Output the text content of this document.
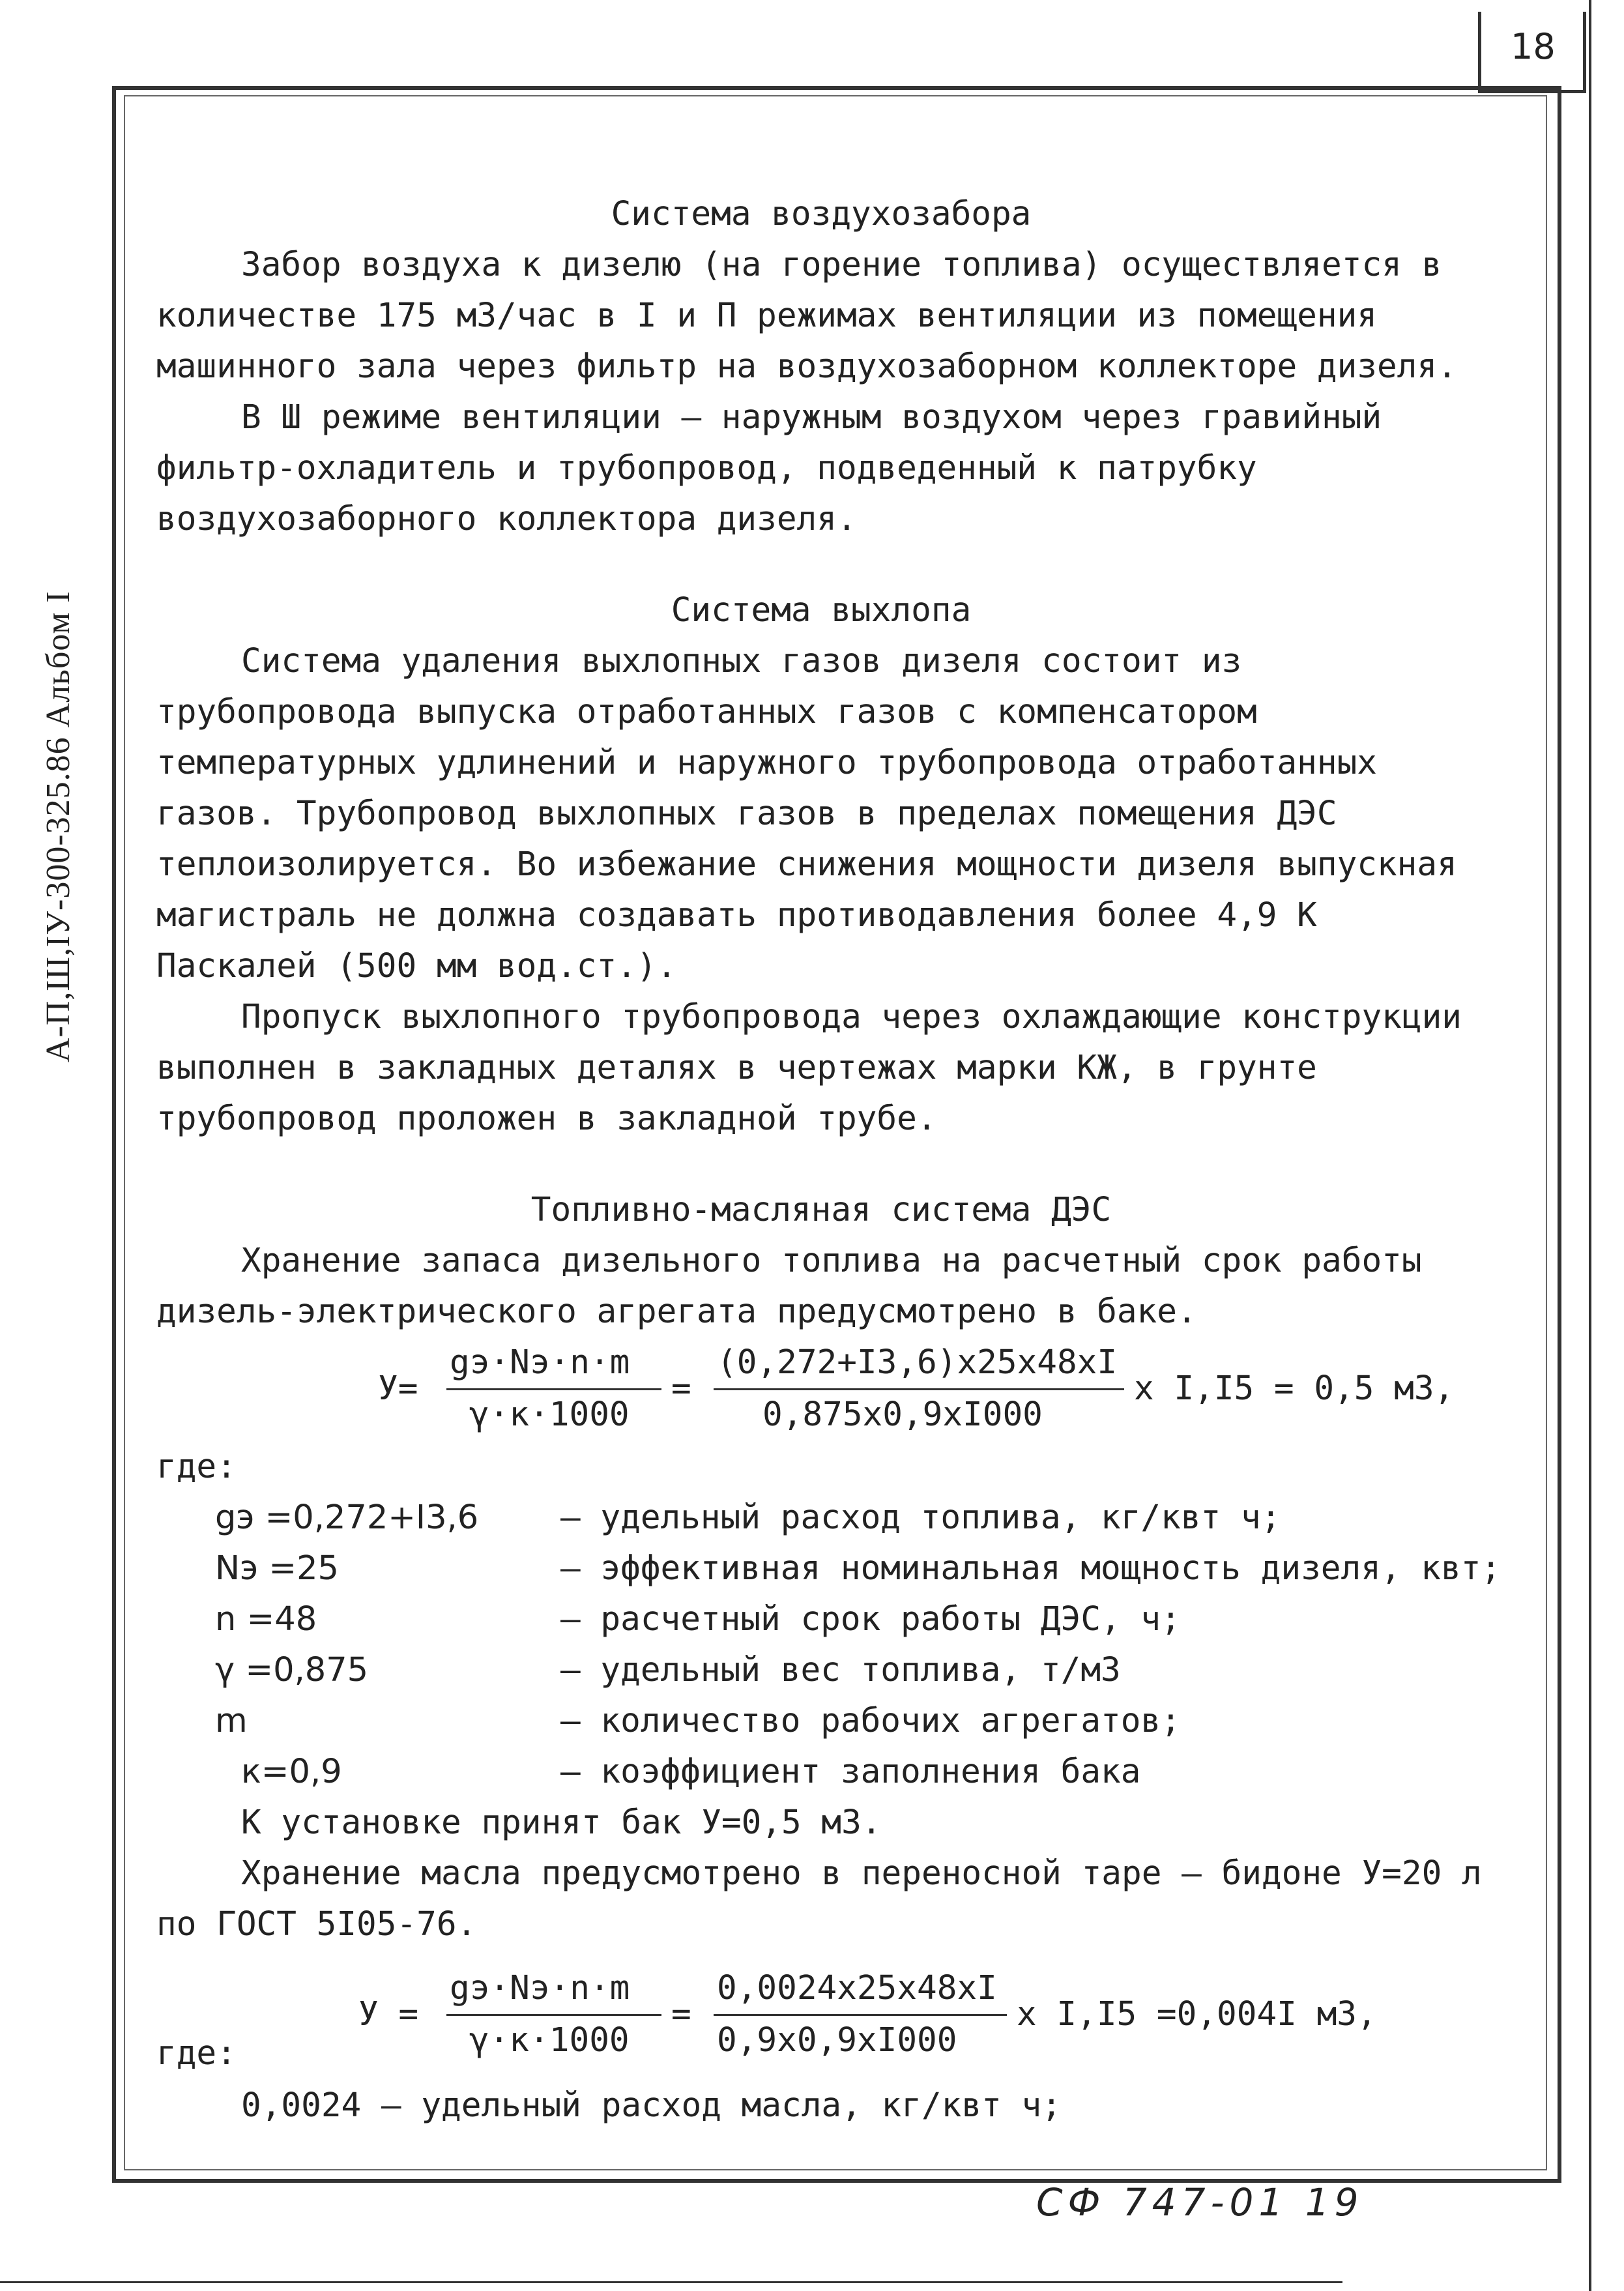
18
А-П,Ш,ІУ-300-325.86 Альбом I
Система воздухозабора

Забор воздуха к дизелю (на горение топлива) осуществляется в количестве 175 м3/час в I и П режимах вентиляции из помещения машинного зала через фильтр на воздухозаборном коллекторе дизеля.

В Ш режиме вентиляции – наружным воздухом через гравийный фильтр-охладитель и трубопровод, подведенный к патрубку воздухозаборного коллектора дизеля.

Система выхлопа

Система удаления выхлопных газов дизеля состоит из трубопровода выпуска отработанных газов с компенсатором температурных удлинений и наружного трубопровода отработанных газов. Трубопровод выхлопных газов в пределах помещения ДЭС теплоизолируется. Во избежание снижения мощности дизеля выпускная магистраль не должна создавать противодавления более 4,9 К Паскалей (500 мм вод.ст.).

Пропуск выхлопного трубопровода через охлаждающие конструкции выполнен в закладных деталях в чертежах марки КЖ, в грунте трубопровод проложен в закладной трубе.

Топливно-масляная система ДЭС

Хранение запаса дизельного топлива на расчетный срок работы дизель-электрического агрегата предусмотрено в баке.

У=
gэ·Nэ·n·m
γ·к·1000
=
(0,272+I3,6)x25x48xI
0,875x0,9xI000
x I,I5 = 0,5 м3,

где:

gэ =0,272+I3,6 – удельный расход топлива, кг/квт ч;
Nэ =25	– эффективная номинальная мощность дизеля, квт;
n =48	– расчетный срок работы ДЭС, ч;
γ =0,875	– удельный вес топлива, т/м3
m	– количество рабочих агрегатов;
к=0,9	– коэффициент заполнения бака

К установке принят бак У=0,5 м3.

Хранение масла предусмотрено в переносной таре – бидоне У=20 л по ГОСТ 5I05-76.

У =
gэ·Nэ·n·m
γ·к·1000
=
0,0024x25x48xI
0,9x0,9xI000
x I,I5 =0,004I м3,
где:

0,0024 – удельный расход масла, кг/квт ч;

СФ 747-01 19
